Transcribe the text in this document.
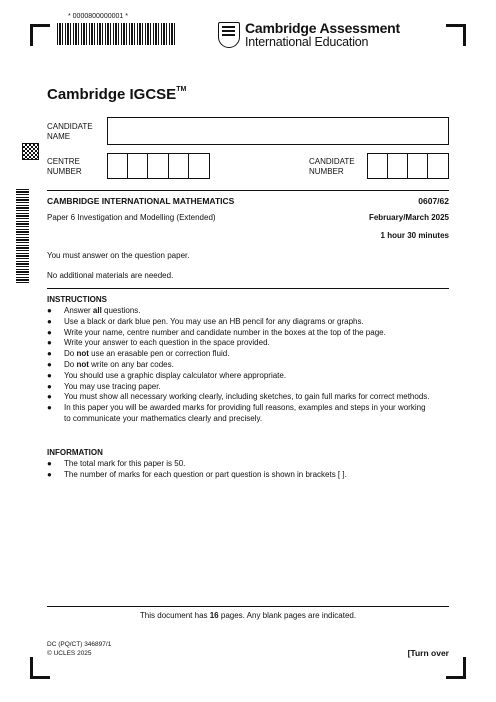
* 0000800000001 *
Cambridge Assessment
International Education
Cambridge IGCSE™
CANDIDATE
NAME
CENTRE
NUMBER
CANDIDATE
NUMBER
CAMBRIDGE INTERNATIONAL MATHEMATICS	0607/62
Paper 6 Investigation and Modelling (Extended)	February/March 2025
1 hour 30 minutes
You must answer on the question paper.
No additional materials are needed.
INSTRUCTIONS
● Answer all questions.
● Use a black or dark blue pen. You may use an HB pencil for any diagrams or graphs.
● Write your name, centre number and candidate number in the boxes at the top of the page.
● Write your answer to each question in the space provided.
● Do not use an erasable pen or correction fluid.
● Do not write on any bar codes.
● You should use a graphic display calculator where appropriate.
● You may use tracing paper.
● You must show all necessary working clearly, including sketches, to gain full marks for correct methods.
● In this paper you will be awarded marks for providing full reasons, examples and steps in your working
to communicate your mathematics clearly and precisely.
INFORMATION
● The total mark for this paper is 50.
● The number of marks for each question or part question is shown in brackets [ ].
This document has 16 pages. Any blank pages are indicated.
DC (PQ/CT) 346897/1
© UCLES 2025	[Turn over
